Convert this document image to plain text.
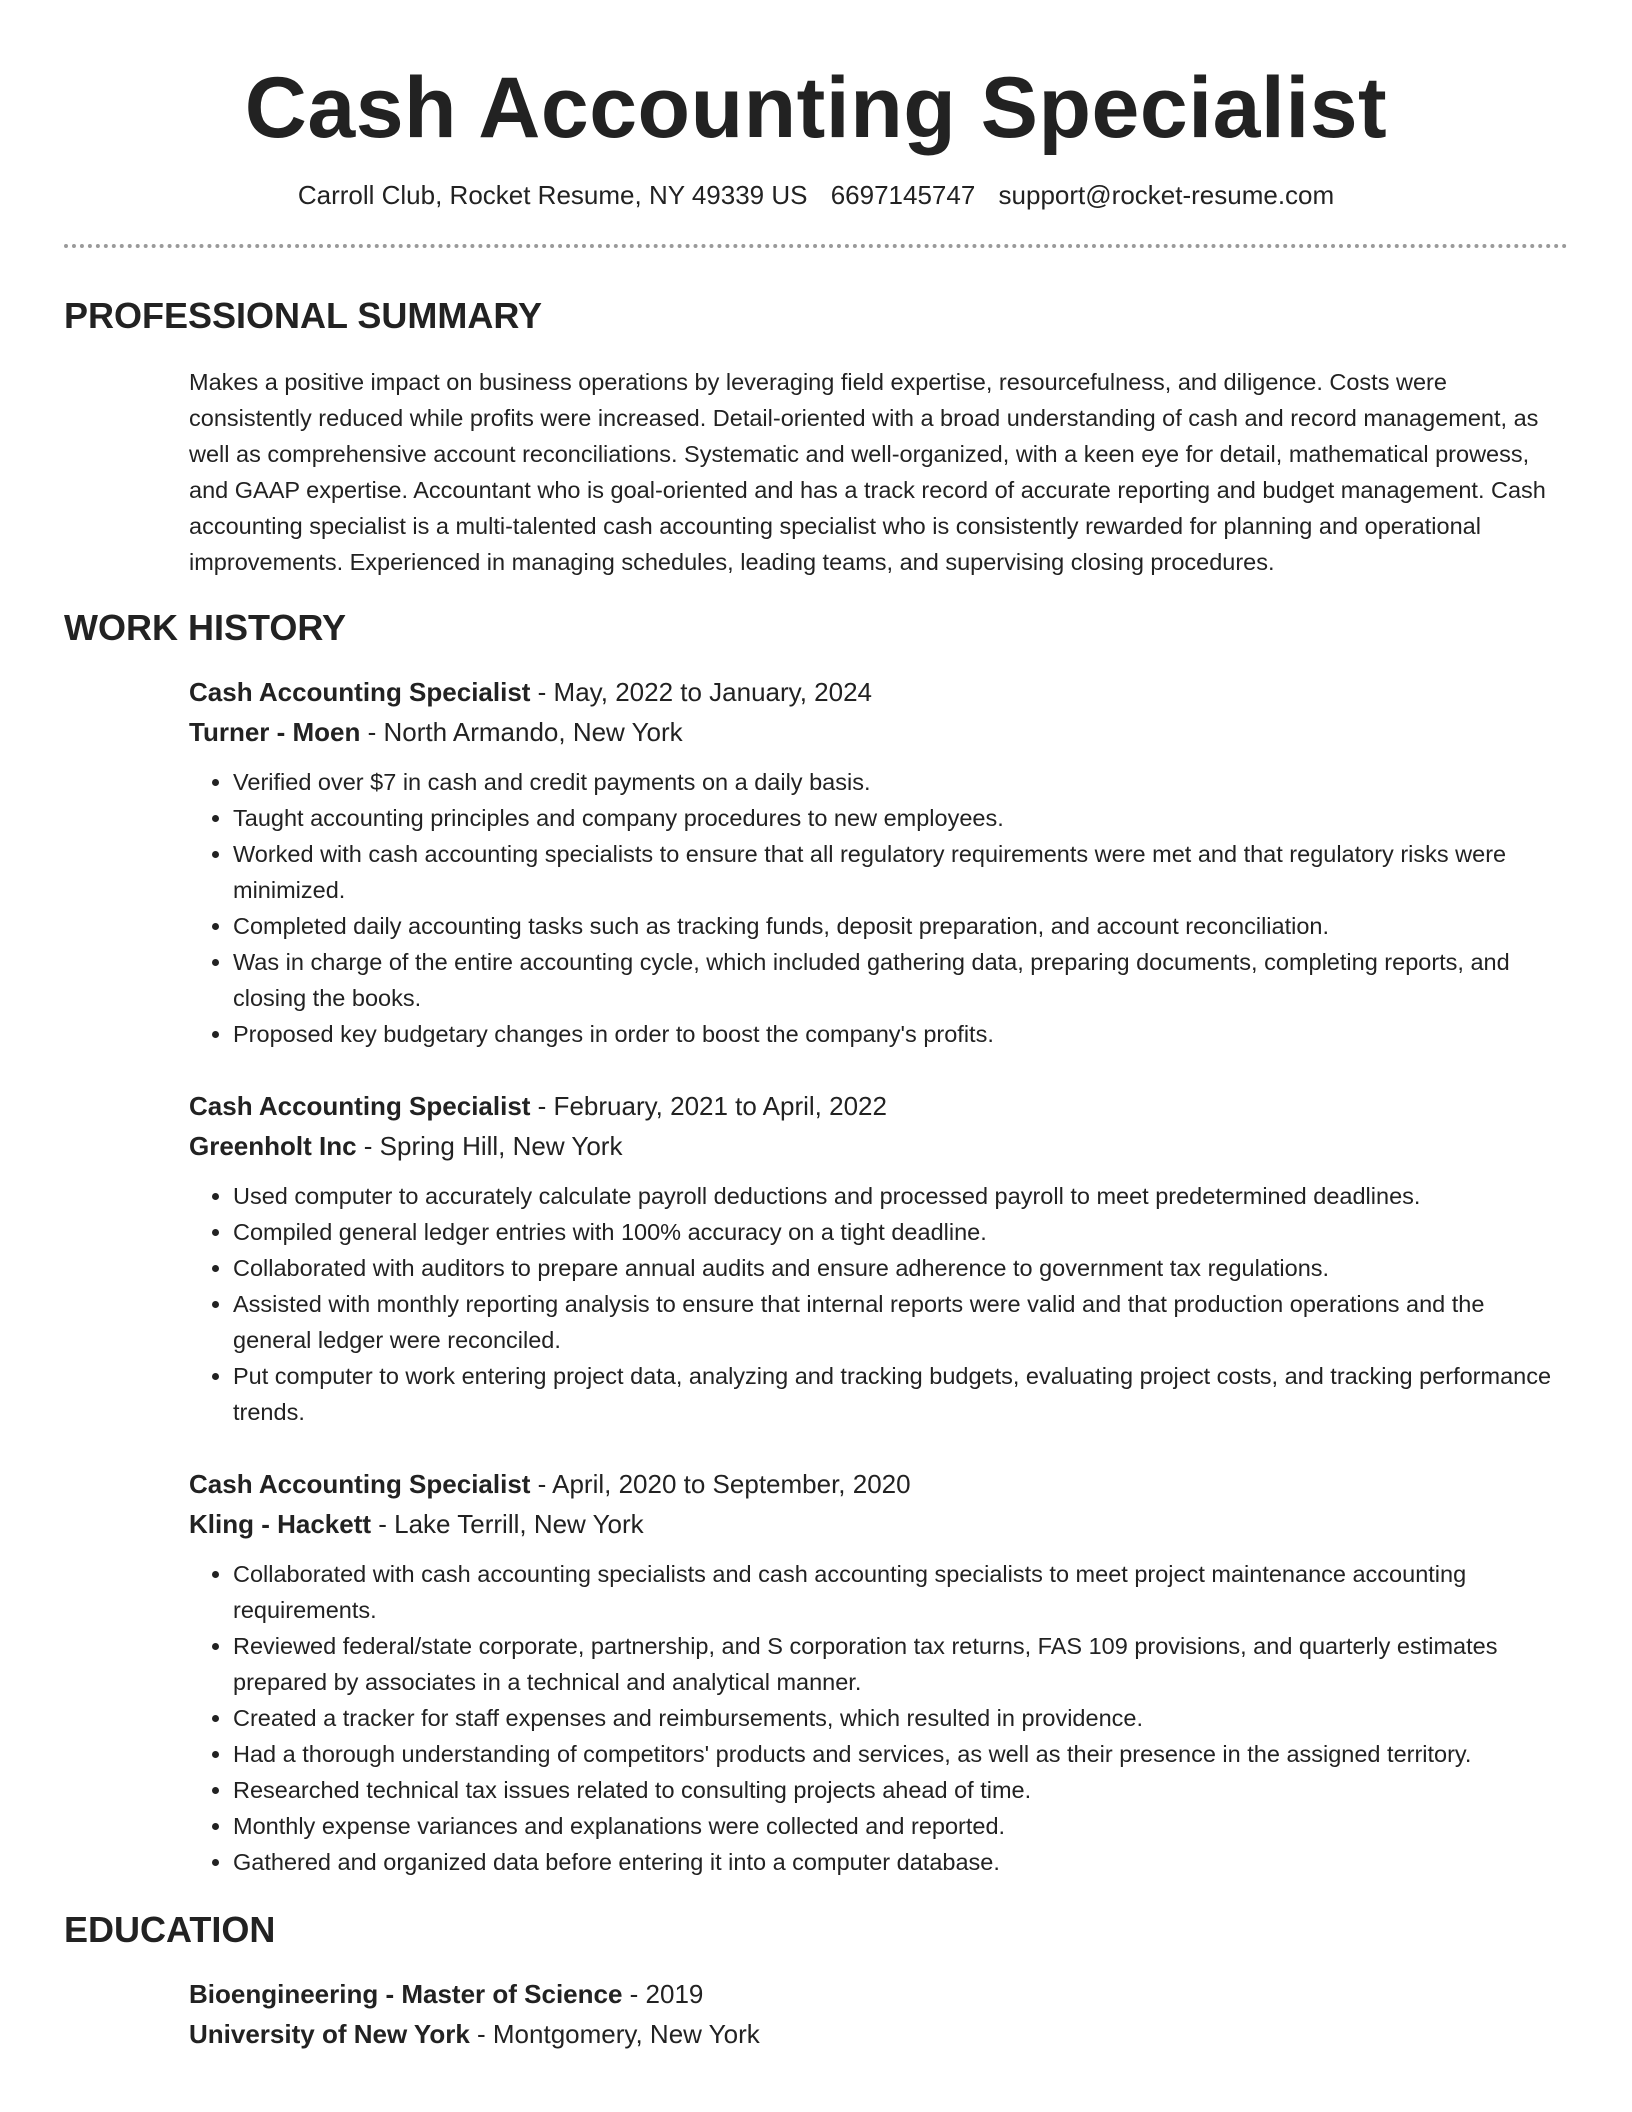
Cash Accounting Specialist
Carroll Club, Rocket Resume, NY 49339 US 6697145747 support@rocket-resume.com
PROFESSIONAL SUMMARY
Makes a positive impact on business operations by leveraging field expertise, resourcefulness, and diligence. Costs were consistently reduced while profits were increased. Detail-oriented with a broad understanding of cash and record management, as well as comprehensive account reconciliations. Systematic and well-organized, with a keen eye for detail, mathematical prowess, and GAAP expertise. Accountant who is goal-oriented and has a track record of accurate reporting and budget management. Cash accounting specialist is a multi-talented cash accounting specialist who is consistently rewarded for planning and operational improvements. Experienced in managing schedules, leading teams, and supervising closing procedures.
WORK HISTORY
Cash Accounting Specialist - May, 2022 to January, 2024
Turner - Moen - North Armando, New York
• Verified over $7 in cash and credit payments on a daily basis.
• Taught accounting principles and company procedures to new employees.
• Worked with cash accounting specialists to ensure that all regulatory requirements were met and that regulatory risks were minimized.
• Completed daily accounting tasks such as tracking funds, deposit preparation, and account reconciliation.
• Was in charge of the entire accounting cycle, which included gathering data, preparing documents, completing reports, and closing the books.
• Proposed key budgetary changes in order to boost the company's profits.
Cash Accounting Specialist - February, 2021 to April, 2022
Greenholt Inc - Spring Hill, New York
• Used computer to accurately calculate payroll deductions and processed payroll to meet predetermined deadlines.
• Compiled general ledger entries with 100% accuracy on a tight deadline.
• Collaborated with auditors to prepare annual audits and ensure adherence to government tax regulations.
• Assisted with monthly reporting analysis to ensure that internal reports were valid and that production operations and the general ledger were reconciled.
• Put computer to work entering project data, analyzing and tracking budgets, evaluating project costs, and tracking performance trends.
Cash Accounting Specialist - April, 2020 to September, 2020
Kling - Hackett - Lake Terrill, New York
• Collaborated with cash accounting specialists and cash accounting specialists to meet project maintenance accounting requirements.
• Reviewed federal/state corporate, partnership, and S corporation tax returns, FAS 109 provisions, and quarterly estimates prepared by associates in a technical and analytical manner.
• Created a tracker for staff expenses and reimbursements, which resulted in providence.
• Had a thorough understanding of competitors' products and services, as well as their presence in the assigned territory.
• Researched technical tax issues related to consulting projects ahead of time.
• Monthly expense variances and explanations were collected and reported.
• Gathered and organized data before entering it into a computer database.
EDUCATION
Bioengineering - Master of Science - 2019
University of New York - Montgomery, New York
